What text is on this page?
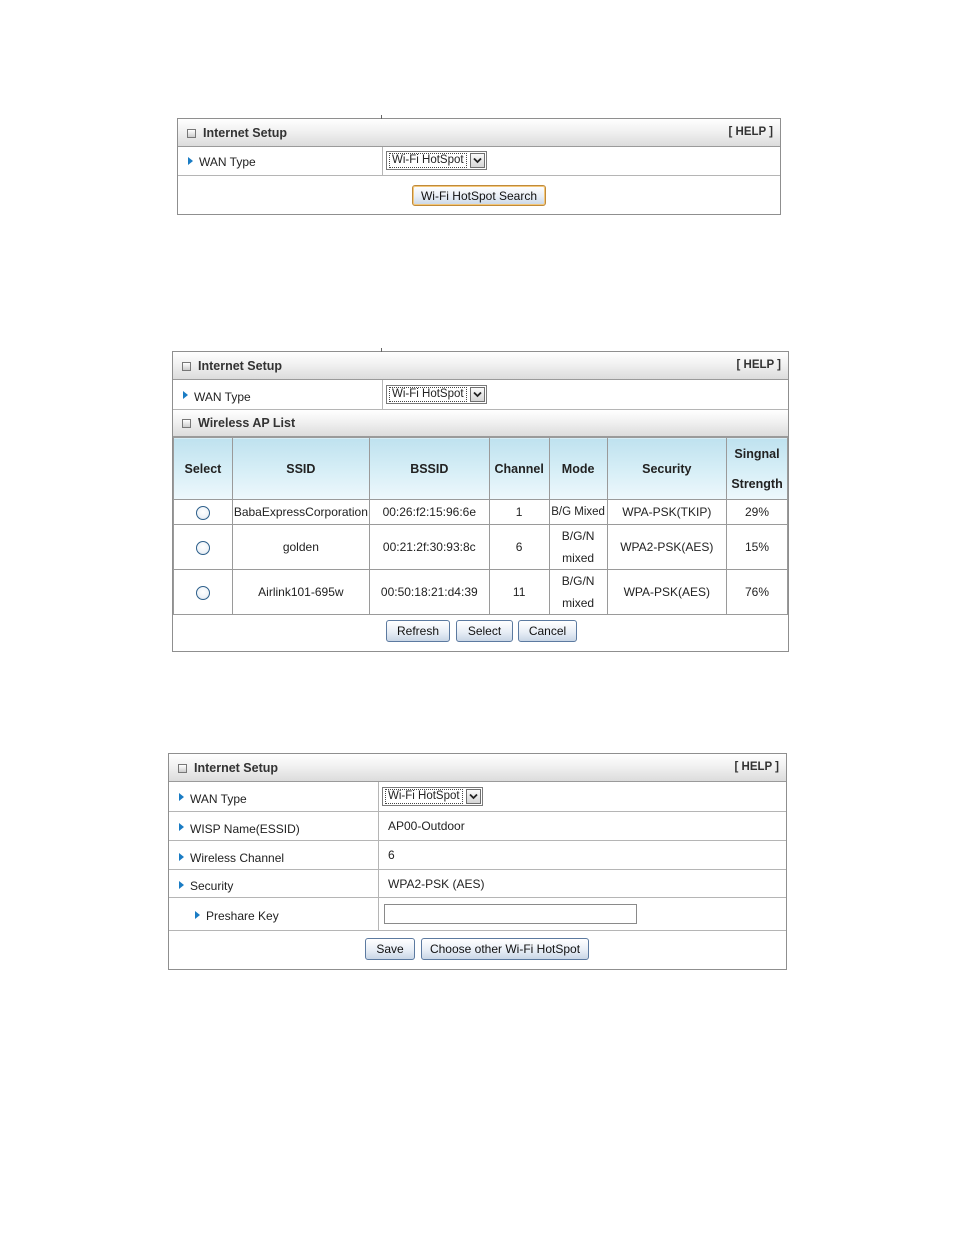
Internet Setup	[ HELP ]
WAN Type	Wi-Fi HotSpot
Wi-Fi HotSpot Search
Internet Setup	[ HELP ]
WAN Type	Wi-Fi HotSpot
Wireless AP List
Select	SSID	BSSID	Channel	Mode	Security	Singnal Strength
	BabaExpressCorporation	00:26:f2:15:96:6e	1	B/G Mixed	WPA-PSK(TKIP)	29%
	golden	00:21:2f:30:93:8c	6	B/G/N mixed	WPA2-PSK(AES)	15%
	Airlink101-695w	00:50:18:21:d4:39	11	B/G/N mixed	WPA-PSK(AES)	76%
Refresh	Select	Cancel
Internet Setup	[ HELP ]
WAN Type	Wi-Fi HotSpot
WISP Name(ESSID)	AP00-Outdoor
Wireless Channel	6
Security	WPA2-PSK (AES)
Preshare Key
Save	Choose other Wi-Fi HotSpot
